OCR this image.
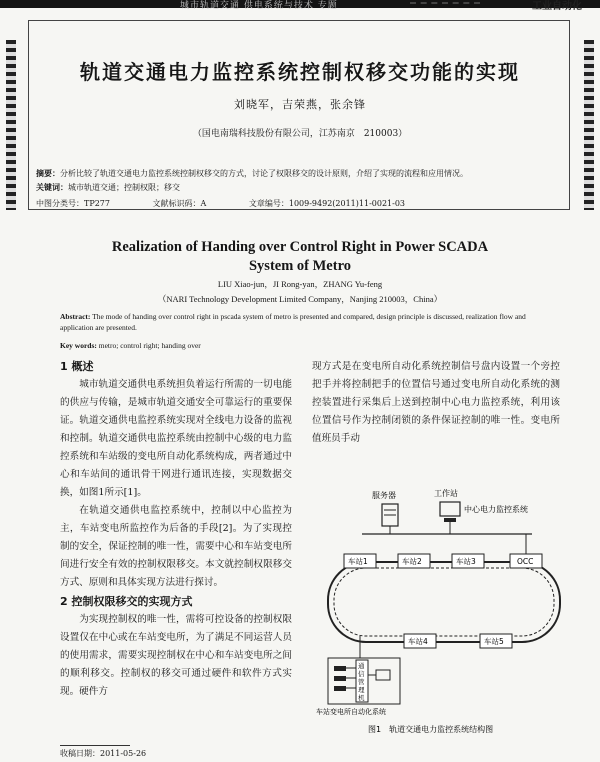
城市轨道交通 供电系统与技术 专题	工业自动化
轨道交通电力监控系统控制权移交功能的实现
刘晓军，吉荣燕，张余锋
（国电南瑞科技股份有限公司，江苏南京　210003）
摘要：分析比较了轨道交通电力监控系统控制权移交的方式，讨论了权限移交的设计原则，介绍了实现的流程和应用情况。
关键词：城市轨道交通；控制权限；移交
中图分类号：TP277	文献标识码：A	文章编号：1009-9492(2011)11-0021-03
Realization of Handing over Control Right in Power SCADA
System of Metro
LIU Xiao-jun，JI Rong-yan，ZHANG Yu-feng
（NARI Technology Development Limited Company，Nanjing 210003，China）
Abstract: The mode of handing over control right in pscada system of metro is presented and compared, design principle is discussed, realization flow and application are presented.
Key words: metro; control right; handing over
1 概述
城市轨道交通供电系统担负着运行所需的一切电能的供应与传输，是城市轨道交通安全可靠运行的重要保证。轨道交通供电监控系统实现对全线电力设备的监视和控制。轨道交通供电监控系统由控制中心级的电力监控系统和车站级的变电所自动化系统构成，两者通过中心和车站间的通讯骨干网进行通讯连接，实现数据交换，如图1所示[1]。
在轨道交通供电监控系统中，控制以中心监控为主，车站变电所监控作为后备的手段[2]。为了实现控制的安全，保证控制的唯一性，需要中心和车站变电所间进行安全有效的控制权限移交。本文就控制权限移交方式、原则和具体实现方法进行探讨。
2 控制权限移交的实现方式
为实现控制权的唯一性，需将可控设备的控制权限设置仅在中心或在车站变电所，为了满足不同运营人员的使用需求，需要实现控制权在中心和车站变电所之间的顺利移交。控制权的移交可通过硬件和软件方式实现。硬件方
现方式是在变电所自动化系统控制信号盘内设置一个旁控把手并将控制把手的位置信号通过变电所自动化系统的测控装置进行采集后上送到控制中心电力监控系统，利用该位置信号作为控制闭锁的条件保证控制的唯一性。变电所值班员手动
服务器	工作站
中心电力监控系统
车站1	车站2	车站3	OCC
车站4	车站5
通
信
管
理
机
车站变电所自动化系统
图1　轨道交通电力监控系统结构图
收稿日期：2011-05-26
